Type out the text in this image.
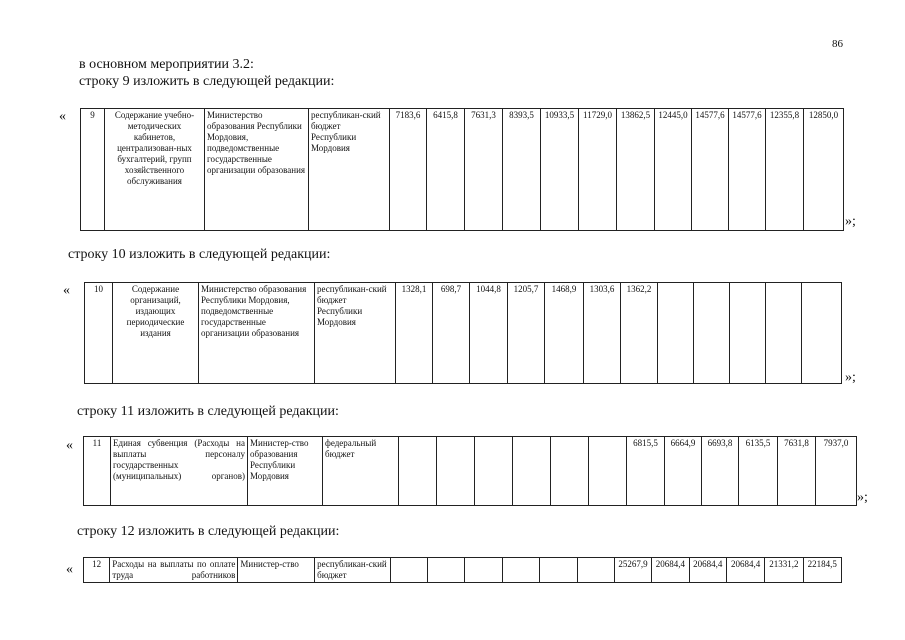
86
в основном мероприятии 3.2:
строку 9 изложить в следующей редакции:
«	9	Содержание учебно-методических кабинетов, централизован-ных бухгалтерий, групп хозяйственного обслуживания	Министерство образования Республики Мордовия, подведомственные государственные организации образования	республикан-ский бюджет Республики Мордовия	7183,6	6415,8	7631,3	8393,5	10933,5	11729,0	13862,5	12445,0	14577,6	14577,6	12355,8	12850,0
»;
строку 10 изложить в следующей редакции:
«	10	Содержание организаций, издающих периодические издания	Министерство образования Республики Мордовия, подведомственные государственные организации образования	республикан-ский бюджет Республики Мордовия	1328,1	698,7	1044,8	1205,7	1468,9	1303,6	1362,2					
»;
строку 11 изложить в следующей редакции:
« 11	Единая субвенция (Расходы на выплаты персоналу государственных (муниципальных) органов)	Министер-ство образования Республики Мордовия	федеральный бюджет							6815,5	6664,9	6693,8	6135,5	7631,8	7937,0
»;
строку 12 изложить в следующей редакции:
« 12	Расходы на выплаты по оплате труда работников	Министер-ство	республикан-ский бюджет							25267,9	20684,4	20684,4	20684,4	21331,2	22184,5
